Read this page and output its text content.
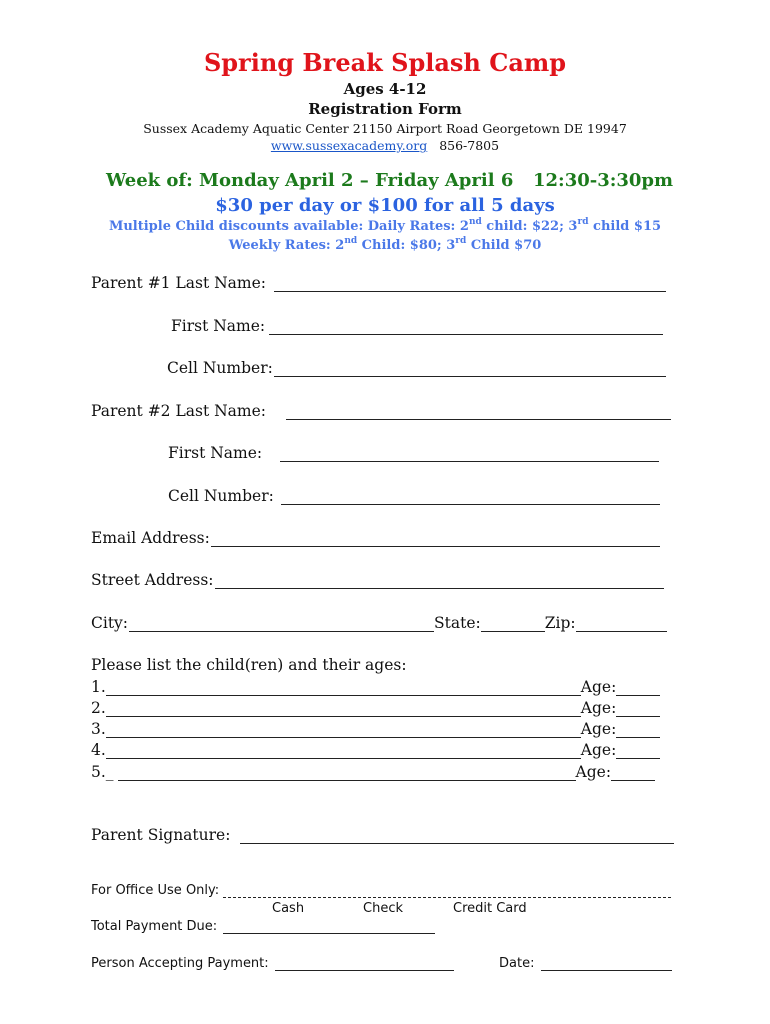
Spring Break Splash Camp
Ages 4-12
Registration Form
Sussex Academy Aquatic Center 21150 Airport Road Georgetown DE 19947
www.sussexacademy.org 856-7805
Week of: Monday April 2 – Friday April 6 12:30-3:30pm
$30 per day or $100 for all 5 days
Multiple Child discounts available: Daily Rates: 2nd child: $22; 3rd child $15
Weekly Rates: 2nd Child: $80; 3rd Child $70
Parent #1 Last Name:
First Name:
Cell Number:
Parent #2 Last Name:
First Name:
Cell Number:
Email Address:
Street Address:
City:	State:	Zip:
Please list the child(ren) and their ages:
1.	Age:
2.	Age:
3.	Age:
4.	Age:
5._	Age:
Parent Signature:
For Office Use Only:
Cash	Check	Credit Card
Total Payment Due:
Person Accepting Payment:	Date:
